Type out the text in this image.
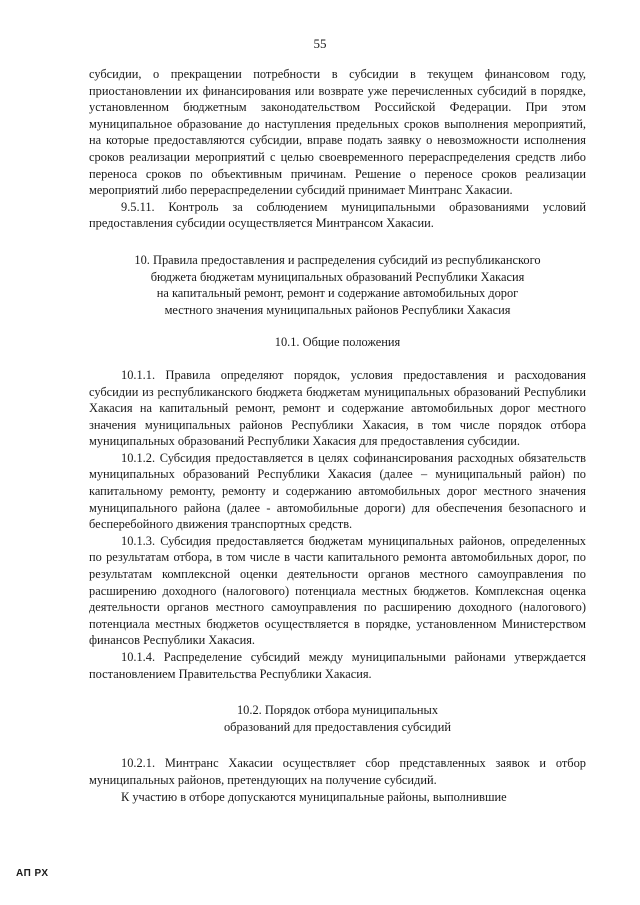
55

субсидии, о прекращении потребности в субсидии в текущем финансовом году, приостановлении их финансирования или возврате уже перечисленных субсидий в порядке, установленном бюджетным законодательством Российской Федерации. При этом муниципальное образование до наступления предельных сроков выполнения мероприятий, на которые предоставляются субсидии, вправе подать заявку о невозможности исполнения сроков реализации мероприятий с целью своевременного перераспределения средств либо переноса сроков по объективным причинам. Решение о переносе сроков реализации мероприятий либо перераспределении субсидий принимает Минтранс Хакасии.

9.5.11. Контроль за соблюдением муниципальными образованиями условий предоставления субсидии осуществляется Минтрансом Хакасии.

10. Правила предоставления и распределения субсидий из республиканского

бюджета бюджетам муниципальных образований Республики Хакасия

на капитальный ремонт, ремонт и содержание автомобильных дорог

местного значения муниципальных районов Республики Хакасия

10.1. Общие положения

10.1.1. Правила определяют порядок, условия предоставления и расходования субсидии из республиканского бюджета бюджетам муниципальных образований Республики Хакасия на капитальный ремонт, ремонт и содержание автомобильных дорог местного значения муниципальных районов Республики Хакасия, в том числе порядок отбора муниципальных образований Республики Хакасия для предоставления субсидии.

10.1.2. Субсидия предоставляется в целях софинансирования расходных обязательств муниципальных образований Республики Хакасия (далее – муниципальный район) по капитальному ремонту, ремонту и содержанию автомобильных дорог местного значения муниципального района (далее - автомобильные дороги) для обеспечения безопасного и бесперебойного движения транспортных средств.

10.1.3. Субсидия предоставляется бюджетам муниципальных районов, определенных по результатам отбора, в том числе в части капитального ремонта автомобильных дорог, по результатам комплексной оценки деятельности органов местного самоуправления по расширению доходного (налогового) потенциала местных бюджетов. Комплексная оценка деятельности органов местного самоуправления по расширению доходного (налогового) потенциала местных бюджетов осуществляется в порядке, установленном Министерством финансов Республики Хакасия.

10.1.4. Распределение субсидий между муниципальными районами утверждается постановлением Правительства Республики Хакасия.

10.2. Порядок отбора муниципальных

образований для предоставления субсидий

10.2.1. Минтранс Хакасии осуществляет сбор представленных заявок и отбор муниципальных районов, претендующих на получение субсидий.

К участию в отборе допускаются муниципальные районы, выполнившие

АП РХ
